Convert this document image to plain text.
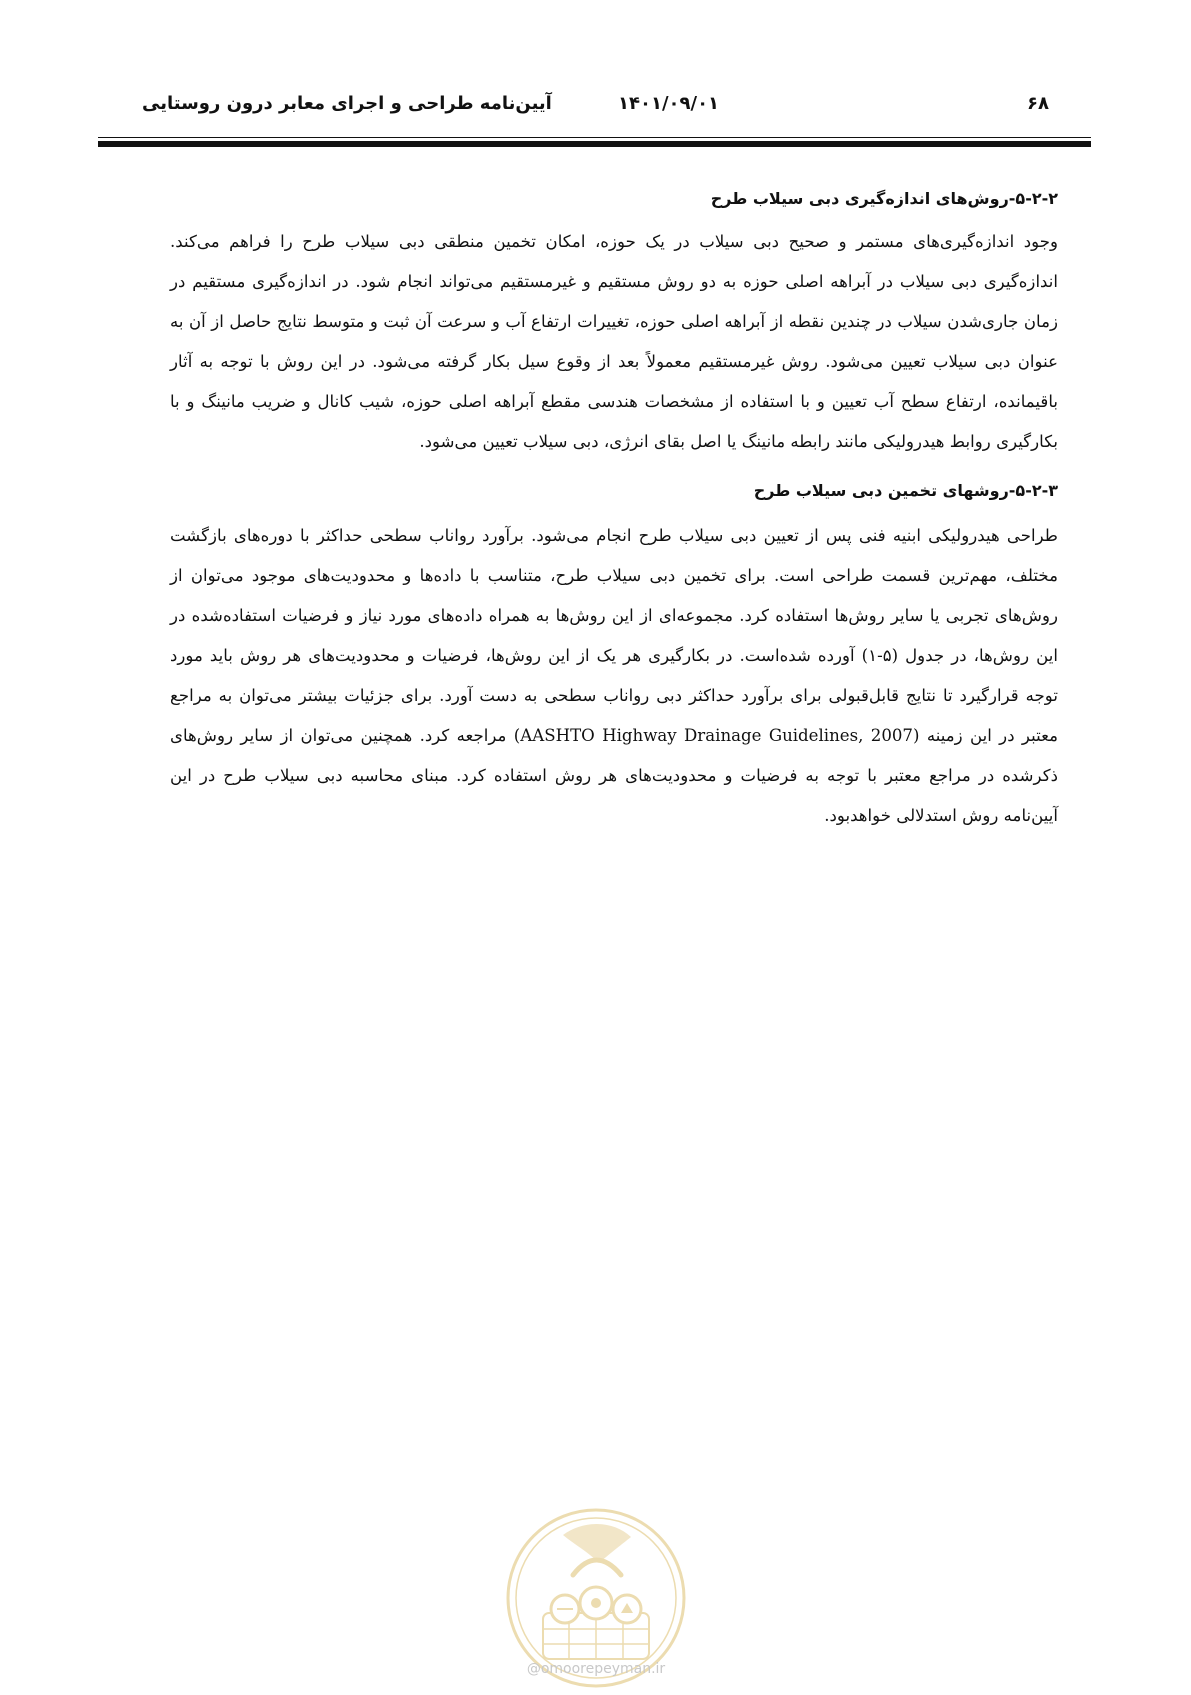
۶۸
۱۴۰۱/۰۹/۰۱
آیین‌نامه طراحی و اجرای معابر درون روستایی
۵-۲-۲-روش‌های اندازه‌گیری دبی سیلاب طرح

وجود اندازه‌گیری‌های مستمر و صحیح دبی سیلاب در یک حوزه، امکان تخمین منطقی دبی سیلاب طرح را فراهم می‌کند. اندازه‌گیری دبی سیلاب در آبراهه اصلی حوزه به دو روش مستقیم و غیرمستقیم می‌تواند انجام شود. در اندازه‌گیری مستقیم در زمان جاری‌شدن سیلاب در چندین نقطه از آبراهه اصلی حوزه، تغییرات ارتفاع آب و سرعت آن ثبت و متوسط نتایج حاصل از آن به عنوان دبی سیلاب تعیین می‌شود. روش غیرمستقیم معمولاً بعد از وقوع سیل بکار گرفته می‌شود. در این روش با توجه به آثار باقیمانده، ارتفاع سطح آب تعیین و با استفاده از مشخصات هندسی مقطع آبراهه اصلی حوزه، شیب کانال و ضریب مانینگ و با بکارگیری روابط هیدرولیکی مانند رابطه مانینگ یا اصل بقای انرژی، دبی سیلاب تعیین می‌شود.

۵-۲-۳-روشهای تخمین دبی سیلاب طرح

طراحی هیدرولیکی ابنیه فنی پس از تعیین دبی سیلاب طرح انجام می‌شود. برآورد رواناب سطحی حداکثر با دوره‌های بازگشت مختلف، مهم‌ترین قسمت طراحی است. برای تخمین دبی سیلاب طرح، متناسب با داده‌ها و محدودیت‌های موجود می‌توان از روش‌های تجربی یا سایر روش‌ها استفاده کرد. مجموعه‌ای از این روش‌ها به همراه داده‌های مورد نیاز و فرضیات استفاده‌شده در این روش‌ها، در جدول (۵-۱) آورده شده‌است. در بکارگیری هر یک از این روش‌ها، فرضیات و محدودیت‌های هر روش باید مورد توجه قرارگیرد تا نتایج قابل‌قبولی برای برآورد حداکثر دبی رواناب سطحی به دست آورد. برای جزئیات بیشتر می‌توان به مراجع معتبر در این زمینه (AASHTO Highway Drainage Guidelines, 2007) مراجعه کرد. همچنین می‌توان از سایر روش‌های ذکرشده در مراجع معتبر با توجه به فرضیات و محدودیت‌های هر روش استفاده کرد. مبنای محاسبه دبی سیلاب طرح در این آیین‌نامه روش استدلالی خواهدبود.

@omoorepeyman.ir
